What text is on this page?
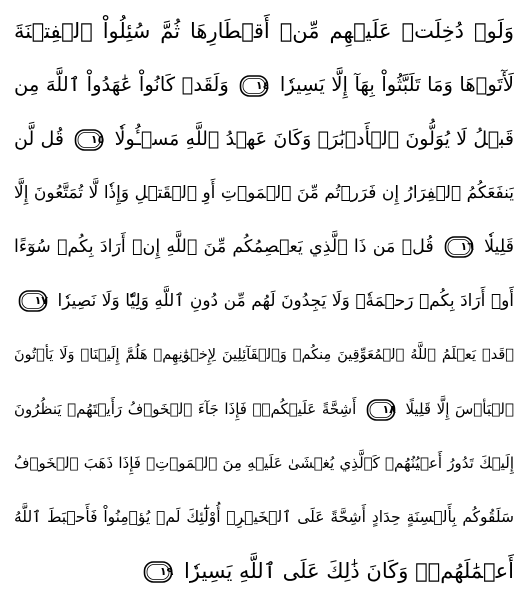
وَلَوۡ دُخِلَتۡ عَلَيۡهِم مِّنۡ أَقۡطَارِهَا ثُمَّ سُئِلُواْ ٱلۡفِتۡنَةَ
لَأٓتَوۡهَا وَمَا تَلَبَّثُواْ بِهَآ إِلَّا يَسِيرٗا
١٤
وَلَقَدۡ كَانُواْ عَٰهَدُواْ ٱللَّهَ مِن
قَبۡلُ لَا يُوَلُّونَ ٱلۡأَدۡبَٰرَۚ وَكَانَ عَهۡدُ ٱللَّهِ مَسۡـُٔولٗا
١٥
قُل لَّن
يَنفَعَكُمُ ٱلۡفِرَارُ إِن فَرَرۡتُم مِّنَ ٱلۡمَوۡتِ أَوِ ٱلۡقَتۡلِ وَإِذٗا لَّا تُمَتَّعُونَ إِلَّا
قَلِيلٗا
١٦
قُلۡ مَن ذَا ٱلَّذِي يَعۡصِمُكُم مِّنَ ٱللَّهِ إِنۡ أَرَادَ بِكُمۡ سُوٓءًا
أَوۡ أَرَادَ بِكُمۡ رَحۡمَةٗۚ وَلَا يَجِدُونَ لَهُم مِّن دُونِ ٱللَّهِ وَلِيّٗا وَلَا نَصِيرٗا
١٧
۞قَدۡ يَعۡلَمُ ٱللَّهُ ٱلۡمُعَوِّقِينَ مِنكُمۡ وَٱلۡقَآئِلِينَ لِإِخۡوَٰنِهِمۡ هَلُمَّ إِلَيۡنَاۖ وَلَا يَأۡتُونَ
ٱلۡبَأۡسَ إِلَّا قَلِيلًا
١٨
أَشِحَّةً عَلَيۡكُمۡۖ فَإِذَا جَآءَ ٱلۡخَوۡفُ رَأَيۡتَهُمۡ يَنظُرُونَ
إِلَيۡكَ تَدُورُ أَعۡيُنُهُمۡ كَٱلَّذِي يُغۡشَىٰ عَلَيۡهِ مِنَ ٱلۡمَوۡتِۖ فَإِذَا ذَهَبَ ٱلۡخَوۡفُ
سَلَقُوكُم بِأَلۡسِنَةٍ حِدَادٍ أَشِحَّةً عَلَى ٱلۡخَيۡرِۚ أُوْلَٰٓئِكَ لَمۡ يُؤۡمِنُواْ فَأَحۡبَطَ ٱللَّهُ
أَعۡمَٰلَهُمۡۚ وَكَانَ ذَٰلِكَ عَلَى ٱللَّهِ يَسِيرٗا
١٩
